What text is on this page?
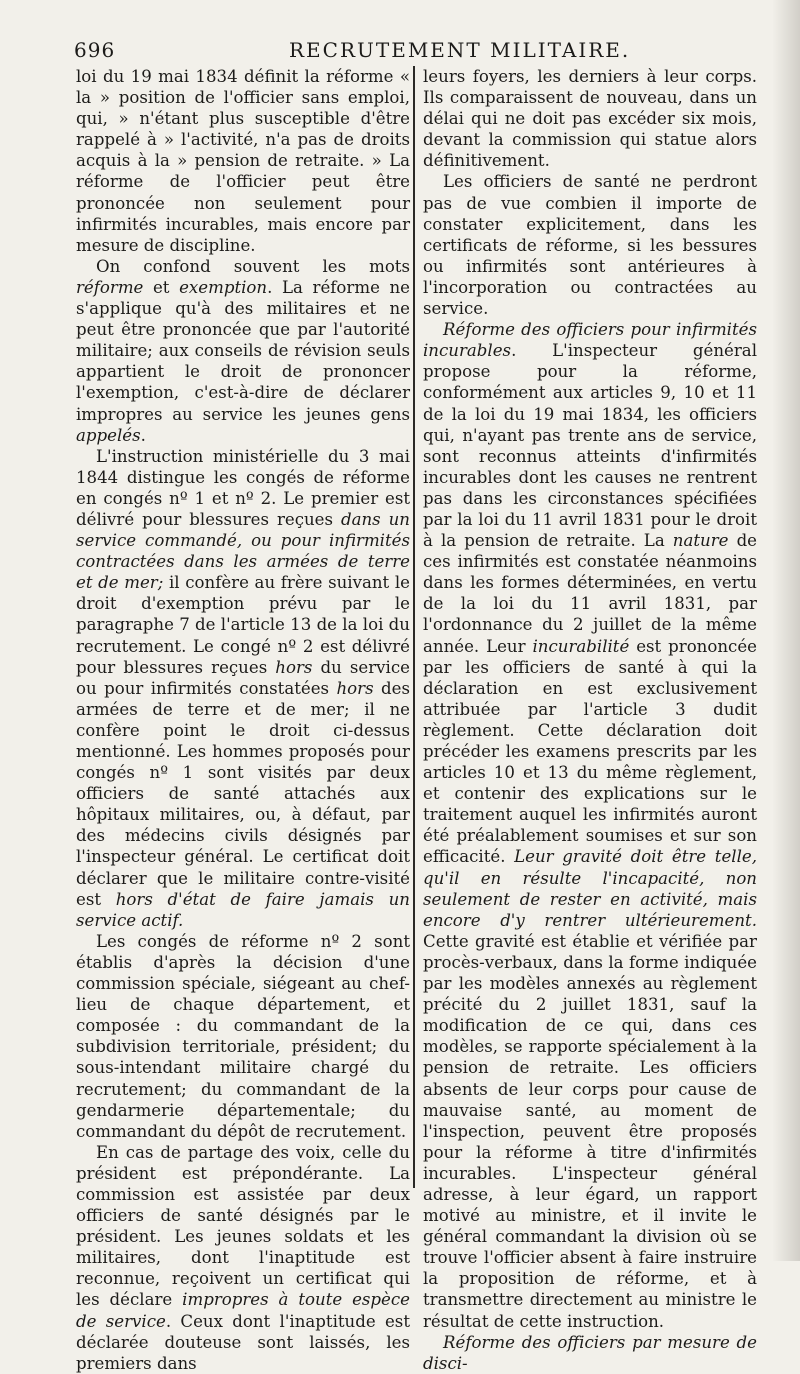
696	RECRUTEMENT MILITAIRE.

loi du 19 mai 1834 définit la réforme « la » position de l'officier sans emploi, qui, » n'étant plus susceptible d'être rappelé à » l'activité, n'a pas de droits acquis à la » pension de retraite. » La réforme de l'officier peut être prononcée non seulement pour infirmités incurables, mais encore par mesure de discipline.

On confond souvent les mots réforme et exemption. La réforme ne s'applique qu'à des militaires et ne peut être prononcée que par l'autorité militaire; aux conseils de révision seuls appartient le droit de prononcer l'exemption, c'est-à-dire de déclarer impropres au service les jeunes gens appelés.

L'instruction ministérielle du 3 mai 1844 distingue les congés de réforme en congés nº 1 et nº 2. Le premier est délivré pour blessures reçues dans un service commandé, ou pour infirmités contractées dans les armées de terre et de mer; il confère au frère suivant le droit d'exemption prévu par le paragraphe 7 de l'article 13 de la loi du recrutement. Le congé nº 2 est délivré pour blessures reçues hors du service ou pour infirmités constatées hors des armées de terre et de mer; il ne confère point le droit ci-dessus mentionné. Les hommes proposés pour congés nº 1 sont visités par deux officiers de santé attachés aux hôpitaux militaires, ou, à défaut, par des médecins civils désignés par l'inspecteur général. Le certificat doit déclarer que le militaire contre-visité est hors d'état de faire jamais un service actif.

Les congés de réforme nº 2 sont établis d'après la décision d'une commission spéciale, siégeant au chef-lieu de chaque département, et composée : du commandant de la subdivision territoriale, président; du sous-intendant militaire chargé du recrutement; du commandant de la gendarmerie départementale; du commandant du dépôt de recrutement.

En cas de partage des voix, celle du président est prépondérante. La commission est assistée par deux officiers de santé désignés par le président. Les jeunes soldats et les militaires, dont l'inaptitude est reconnue, reçoivent un certificat qui les déclare impropres à toute espèce de service. Ceux dont l'inaptitude est déclarée douteuse sont laissés, les premiers dans

leurs foyers, les derniers à leur corps. Ils comparaissent de nouveau, dans un délai qui ne doit pas excéder six mois, devant la commission qui statue alors définitivement.

Les officiers de santé ne perdront pas de vue combien il importe de constater explicitement, dans les certificats de réforme, si les bessures ou infirmités sont antérieures à l'incorporation ou contractées au service.

Réforme des officiers pour infirmités incurables. L'inspecteur général propose pour la réforme, conformément aux articles 9, 10 et 11 de la loi du 19 mai 1834, les officiers qui, n'ayant pas trente ans de service, sont reconnus atteints d'infirmités incurables dont les causes ne rentrent pas dans les circonstances spécifiées par la loi du 11 avril 1831 pour le droit à la pension de retraite. La nature de ces infirmités est constatée néanmoins dans les formes déterminées, en vertu de la loi du 11 avril 1831, par l'ordonnance du 2 juillet de la même année. Leur incurabilité est prononcée par les officiers de santé à qui la déclaration en est exclusivement attribuée par l'article 3 dudit règlement. Cette déclaration doit précéder les examens prescrits par les articles 10 et 13 du même règlement, et contenir des explications sur le traitement auquel les infirmités auront été préalablement soumises et sur son efficacité. Leur gravité doit être telle, qu'il en résulte l'incapacité, non seulement de rester en activité, mais encore d'y rentrer ultérieurement. Cette gravité est établie et vérifiée par procès-verbaux, dans la forme indiquée par les modèles annexés au règlement précité du 2 juillet 1831, sauf la modification de ce qui, dans ces modèles, se rapporte spécialement à la pension de retraite. Les officiers absents de leur corps pour cause de mauvaise santé, au moment de l'inspection, peuvent être proposés pour la réforme à titre d'infirmités incurables. L'inspecteur général adresse, à leur égard, un rapport motivé au ministre, et il invite le général commandant la division où se trouve l'officier absent à faire instruire la proposition de réforme, et à transmettre directement au ministre le résultat de cette instruction.

Réforme des officiers par mesure de disci-
